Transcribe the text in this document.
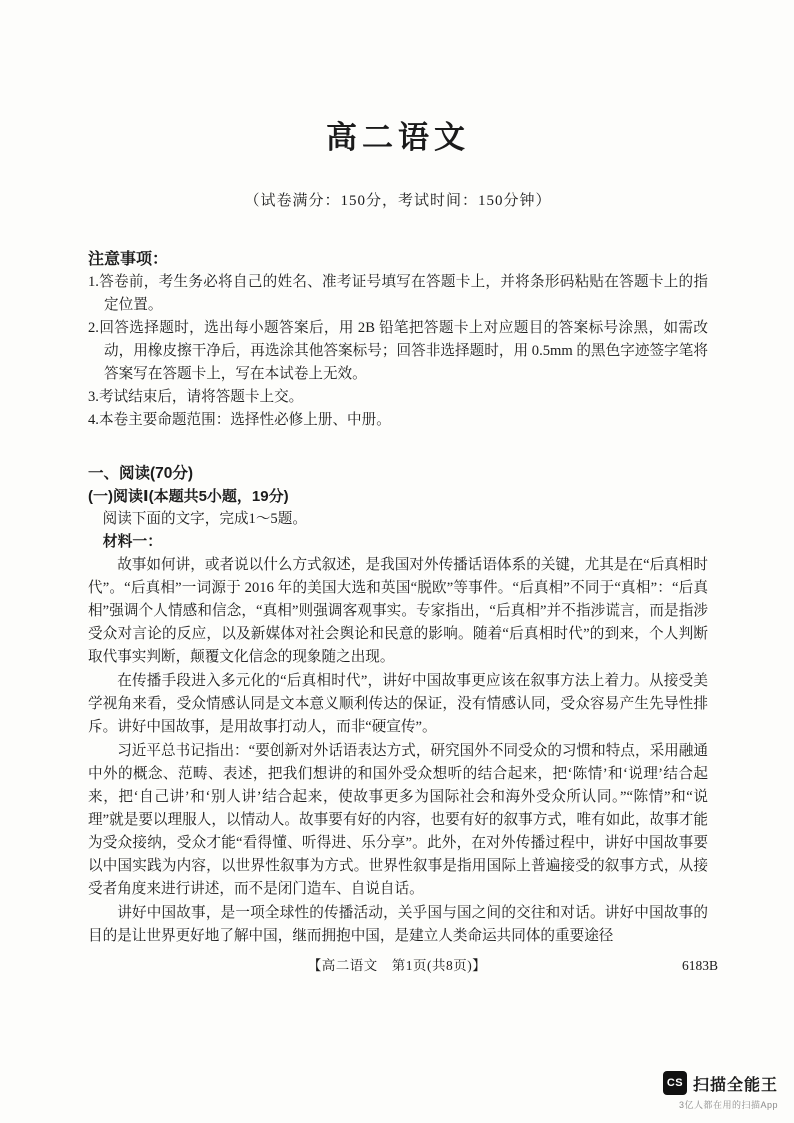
高二语文
（试卷满分：150分，考试时间：150分钟）
注意事项：
1.答卷前，考生务必将自己的姓名、准考证号填写在答题卡上，并将条形码粘贴在答题卡上的指定位置。
2.回答选择题时，选出每小题答案后，用 2B 铅笔把答题卡上对应题目的答案标号涂黑，如需改动，用橡皮擦干净后，再选涂其他答案标号；回答非选择题时，用 0.5mm 的黑色字迹签字笔将答案写在答题卡上，写在本试卷上无效。
3.考试结束后，请将答题卡上交。
4.本卷主要命题范围：选择性必修上册、中册。
一、阅读(70分)
(一)阅读Ⅰ(本题共5小题，19分)
阅读下面的文字，完成1～5题。
材料一：

故事如何讲，或者说以什么方式叙述，是我国对外传播话语体系的关键，尤其是在“后真相时代”。“后真相”一词源于 2016 年的美国大选和英国“脱欧”等事件。“后真相”不同于“真相”：“后真相”强调个人情感和信念，“真相”则强调客观事实。专家指出，“后真相”并不指涉谎言，而是指涉受众对言论的反应，以及新媒体对社会舆论和民意的影响。随着“后真相时代”的到来，个人判断取代事实判断，颠覆文化信念的现象随之出现。

在传播手段进入多元化的“后真相时代”，讲好中国故事更应该在叙事方法上着力。从接受美学视角来看，受众情感认同是文本意义顺利传达的保证，没有情感认同，受众容易产生先导性排斥。讲好中国故事，是用故事打动人，而非“硬宣传”。

习近平总书记指出：“要创新对外话语表达方式，研究国外不同受众的习惯和特点，采用融通中外的概念、范畴、表述，把我们想讲的和国外受众想听的结合起来，把‘陈情’和‘说理’结合起来，把‘自己讲’和‘别人讲’结合起来，使故事更多为国际社会和海外受众所认同。”“陈情”和“说理”就是要以理服人，以情动人。故事要有好的内容，也要有好的叙事方式，唯有如此，故事才能为受众接纳，受众才能“看得懂、听得进、乐分享”。此外，在对外传播过程中，讲好中国故事要以中国实践为内容，以世界性叙事为方式。世界性叙事是指用国际上普遍接受的叙事方式，从接受者角度来进行讲述，而不是闭门造车、自说自话。

讲好中国故事，是一项全球性的传播活动，关乎国与国之间的交往和对话。讲好中国故事的目的是让世界更好地了解中国，继而拥抱中国，是建立人类命运共同体的重要途径

【高二语文　第1页(共8页)】	6183B
CS 扫描全能王
3亿人都在用的扫描App
